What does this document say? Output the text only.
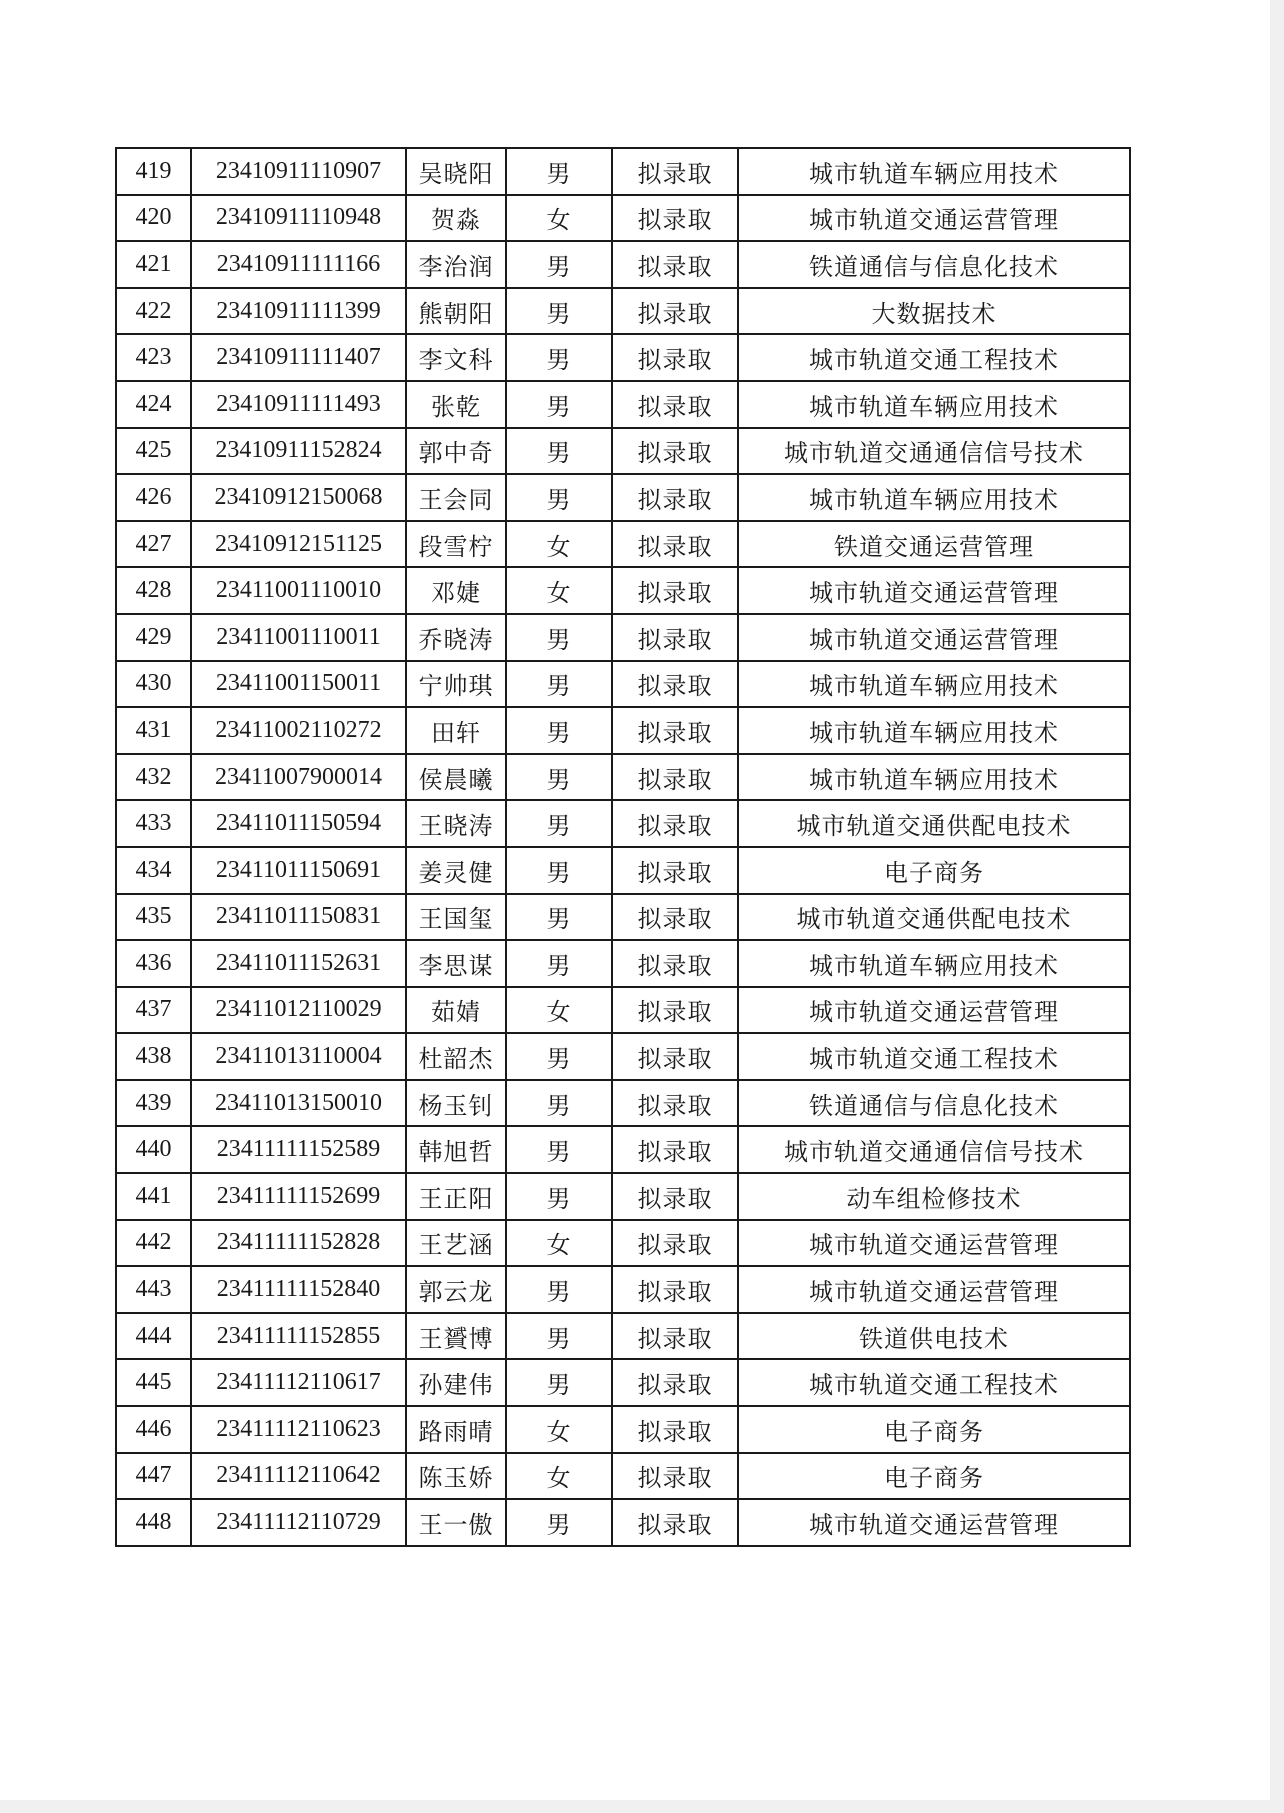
419	23410911110907	吴晓阳	男	拟录取	城市轨道车辆应用技术
420	23410911110948	贺淼	女	拟录取	城市轨道交通运营管理
421	23410911111166	李治润	男	拟录取	铁道通信与信息化技术
422	23410911111399	熊朝阳	男	拟录取	大数据技术
423	23410911111407	李文科	男	拟录取	城市轨道交通工程技术
424	23410911111493	张乾	男	拟录取	城市轨道车辆应用技术
425	23410911152824	郭中奇	男	拟录取	城市轨道交通通信信号技术
426	23410912150068	王会同	男	拟录取	城市轨道车辆应用技术
427	23410912151125	段雪柠	女	拟录取	铁道交通运营管理
428	23411001110010	邓婕	女	拟录取	城市轨道交通运营管理
429	23411001110011	乔晓涛	男	拟录取	城市轨道交通运营管理
430	23411001150011	宁帅琪	男	拟录取	城市轨道车辆应用技术
431	23411002110272	田轩	男	拟录取	城市轨道车辆应用技术
432	23411007900014	侯晨曦	男	拟录取	城市轨道车辆应用技术
433	23411011150594	王晓涛	男	拟录取	城市轨道交通供配电技术
434	23411011150691	姜灵健	男	拟录取	电子商务
435	23411011150831	王国玺	男	拟录取	城市轨道交通供配电技术
436	23411011152631	李思谋	男	拟录取	城市轨道车辆应用技术
437	23411012110029	茹婧	女	拟录取	城市轨道交通运营管理
438	23411013110004	杜韶杰	男	拟录取	城市轨道交通工程技术
439	23411013150010	杨玉钊	男	拟录取	铁道通信与信息化技术
440	23411111152589	韩旭哲	男	拟录取	城市轨道交通通信信号技术
441	23411111152699	王正阳	男	拟录取	动车组检修技术
442	23411111152828	王艺涵	女	拟录取	城市轨道交通运营管理
443	23411111152840	郭云龙	男	拟录取	城市轨道交通运营管理
444	23411111152855	王贇博	男	拟录取	铁道供电技术
445	23411112110617	孙建伟	男	拟录取	城市轨道交通工程技术
446	23411112110623	路雨晴	女	拟录取	电子商务
447	23411112110642	陈玉娇	女	拟录取	电子商务
448	23411112110729	王一傲	男	拟录取	城市轨道交通运营管理
